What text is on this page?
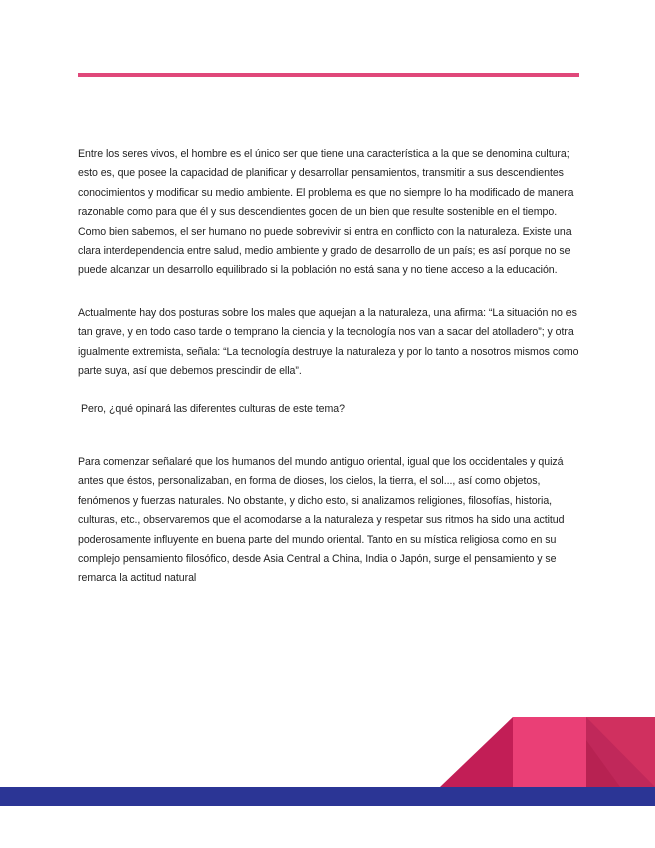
Entre los seres vivos, el hombre es el único ser que tiene una característica a la que se denomina cultura; esto es, que posee la capacidad de planificar y desarrollar pensamientos, transmitir a sus descendientes conocimientos y modificar su medio ambiente. El problema es que no siempre lo ha modificado de manera razonable como para que él y sus descendientes gocen de un bien que resulte sostenible en el tiempo. Como bien sabemos, el ser humano no puede sobrevivir si entra en conflicto con la naturaleza. Existe una clara interdependencia entre salud, medio ambiente y grado de desarrollo de un país; es así porque no se puede alcanzar un desarrollo equilibrado si la población no está sana y no tiene acceso a la educación.

Actualmente hay dos posturas sobre los males que aquejan a la naturaleza, una afirma: “La situación no es tan grave, y en todo caso tarde o temprano la ciencia y la tecnología nos van a sacar del atolladero”; y otra igualmente extremista, señala: “La tecnología destruye la naturaleza y por lo tanto a nosotros mismos como parte suya, así que debemos prescindir de ella”.

Pero, ¿qué opinará las diferentes culturas de este tema?

Para comenzar señalaré que los humanos del mundo antiguo oriental, igual que los occidentales y quizá antes que éstos, personalizaban, en forma de dioses, los cielos, la tierra, el sol..., así como objetos, fenómenos y fuerzas naturales. No obstante, y dicho esto, si analizamos religiones, filosofías, historia, culturas, etc., observaremos que el acomodarse a la naturaleza y respetar sus ritmos ha sido una actitud poderosamente influyente en buena parte del mundo oriental. Tanto en su mística religiosa como en su complejo pensamiento filosófico, desde Asia Central a China, India o Japón, surge el pensamiento y se remarca la actitud natural
